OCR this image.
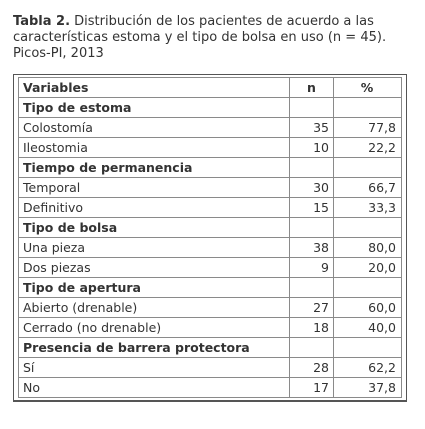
Tabla 2. Distribución de los pacientes de acuerdo a las características estoma y el tipo de bolsa en uso (n = 45). Picos-PI, 2013
Variables	n	%
Tipo de estoma		
Colostomía	35	77,8
Ileostomia	10	22,2
Tiempo de permanencia		
Temporal	30	66,7
Definitivo	15	33,3
Tipo de bolsa		
Una pieza	38	80,0
Dos piezas	9	20,0
Tipo de apertura		
Abierto (drenable)	27	60,0
Cerrado (no drenable)	18	40,0
Presencia de barrera protectora		
Sí	28	62,2
No	17	37,8
